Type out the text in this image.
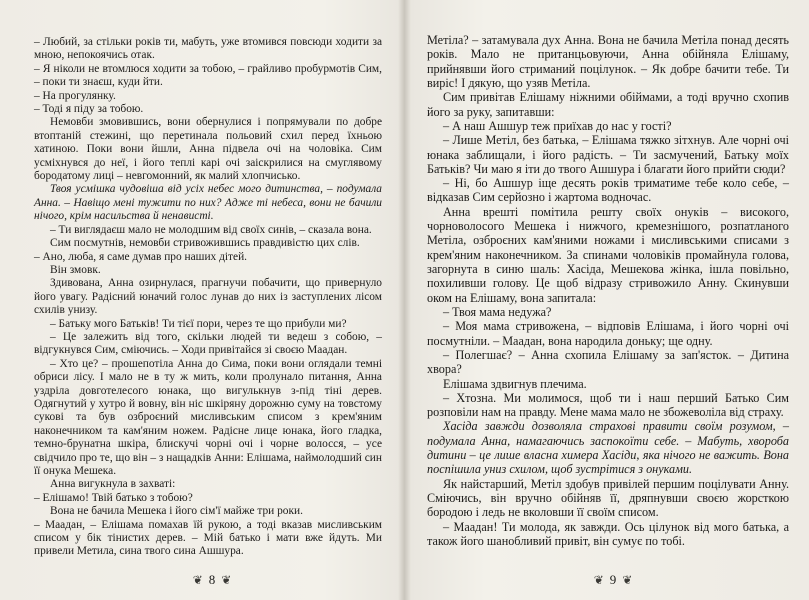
– Любий, за стільки років ти, мабуть, уже втомився повсюди ходити за мною, непокоячись отак.

– Я ніколи не втомлюся ходити за тобою, – грайливо пробурмотів Сим, – поки ти знаєш, куди йти.

– На прогулянку.

– Тоді я піду за тобою.

Немовби змовившись, вони обернулися і попрямували по добре втоптаній стежині, що перетинала польовий схил перед їхньою хатиною. Поки вони йшли, Анна підвела очі на чоловіка. Сим усміхнувся до неї, і його теплі карі очі заіскрилися на смуглявому бородатому лиці – невгомонний, як малий хлопчисько.

Твоя усмішка чудовіша від усіх небес мого дитинства, – подумала Анна. – Навіщо мені тужити по них? Адже ті небеса, вони не бачили нічого, крім насильства й ненависті.

– Ти виглядаєш мало не молодшим від своїх синів, – сказала вона.

Сим посмутнів, немовби стривожившись правдивістю цих слів.

– Ано, люба, я саме думав про наших дітей.

Він змовк.

Здивована, Анна озирнулася, прагнучи побачити, що привернуло його увагу. Радісний юначий голос лунав до них із заступлених лісом схилів унизу.

– Батьку мого Батьків! Ти тієї пори, через те що прибули ми?

– Це залежить від того, скільки людей ти ведеш з собою, – відгукнувся Сим, сміючись. – Ходи привітайся зі своєю Маадан.

– Хто це? – прошепотіла Анна до Сима, поки вони оглядали темні обриси лісу. І мало не в ту ж мить, коли пролунало питання, Анна уздріла довготелесого юнака, що вигулькнув з-під тіні дерев. Одягнутий у хутро й вовну, він ніс шкіряну дорожню суму на товстому сукові та був озброєний мисливським списом з крем'яним наконечником та кам'яним ножем. Радісне лице юнака, його гладка, темно-брунатна шкіра, блискучі чорні очі і чорне волосся, – усе свідчило про те, що він – з нащадків Анни: Елішама, наймолодший син її онука Мешека.

Анна вигукнула в захваті:

– Елішамо! Твій батько з тобою?

Вона не бачила Мешека і його сім'ї майже три роки.

– Маадан, – Елішама помахав їй рукою, а тоді вказав мисливським списом у бік тінистих дерев. – Мій батько і мати вже йдуть. Ми привели Метила, сина твого сина Ашшура.

❦ 8 ❦

Метіла? – затамувала дух Анна. Вона не бачила Метіла понад десять років. Мало не пританцьовуючи, Анна обійняла Елішаму, прийнявши його стриманий поцілунок. – Як добре бачити тебе. Ти виріс! І дякую, що узяв Метіла.

Сим привітав Елішаму ніжними обіймами, а тоді вручно схопив його за руку, запитавши:

– А наш Ашшур теж приїхав до нас у гості?

– Лише Метіл, без батька, – Елішама тяжко зітхнув. Але чорні очі юнака заблищали, і його радість. – Ти засмучений, Батьку моїх Батьків? Чи маю я іти до твого Ашшура і благати його прийти сюди?

– Ні, бо Ашшур іще десять років триматиме тебе коло себе, – відказав Сим серйозно і жартома водночас.

Анна врешті помітила решту своїх онуків – високого, чорноволосого Мешека і нижчого, кремезнішого, розпатланого Метіла, озброєних кам'яними ножами і мисливськими списами з крем'яним наконечником. За спинами чоловіків промайнула голова, загорнута в синю шаль: Хасіда, Мешекова жінка, ішла повільно, похиливши голову. Це щоб відразу стривожило Анну. Скинувши оком на Елішаму, вона запитала:

– Твоя мама недужа?

– Моя мама стривожена, – відповів Елішама, і його чорні очі посмутніли. – Маадан, вона народила доньку; ще одну.

– Полегшає? – Анна схопила Елішаму за зап'ясток. – Дитина хвора?

Елішама здвигнув плечима.

– Хтозна. Ми молимося, щоб ти і наш перший Батько Сим розповіли нам на правду. Мене мама мало не збожеволіла від страху.

Хасіда завжди дозволяла страхові правити своїм розумом, – подумала Анна, намагаючись заспокоїти себе. – Мабуть, хвороба дитини – це лише власна химера Хасіди, яка нічого не важить. Вона поспішила униз схилом, щоб зустрітися з онуками.

Як найстарший, Метіл здобув привілей першим поцілувати Анну. Сміючись, він вручно обійняв її, дряпнувши своєю жорсткою бородою і ледь не вколовши її своїм списом.

– Маадан! Ти молода, як завжди. Ось цілунок від мого батька, а також його шанобливий привіт, він сумує по тобі.

❦ 9 ❦
